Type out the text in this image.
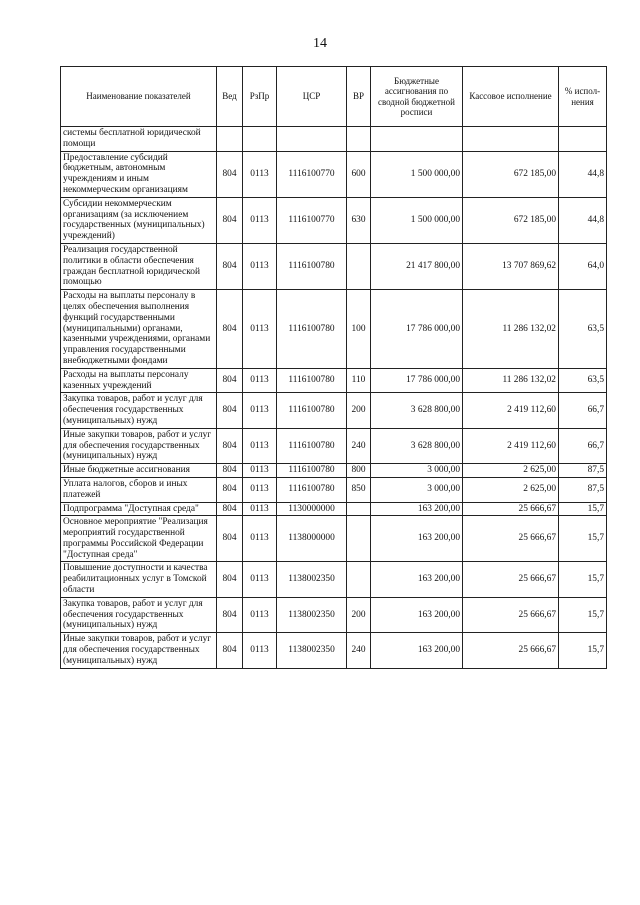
14
Наименование показателей	Вед	РзПр	ЦСР	ВР	Бюджетные ассигнования по сводной бюджетной росписи	Кассовое исполнение	% испол-нения
системы бесплатной юридической помощи							
Предоставление субсидий бюджетным, автономным учреждениям и иным некоммерческим организациям	804	0113	1116100770	600	1 500 000,00	672 185,00	44,8
Субсидии некоммерческим организациям (за исключением государственных (муниципальных) учреждений)	804	0113	1116100770	630	1 500 000,00	672 185,00	44,8
Реализация государственной политики в области обеспечения граждан бесплатной юридической помощью	804	0113	1116100780		21 417 800,00	13 707 869,62	64,0
Расходы на выплаты персоналу в целях обеспечения выполнения функций государственными (муниципальными) органами, казенными учреждениями, органами управления государственными внебюджетными фондами	804	0113	1116100780	100	17 786 000,00	11 286 132,02	63,5
Расходы на выплаты персоналу казенных учреждений	804	0113	1116100780	110	17 786 000,00	11 286 132,02	63,5
Закупка товаров, работ и услуг для обеспечения государственных (муниципальных) нужд	804	0113	1116100780	200	3 628 800,00	2 419 112,60	66,7
Иные закупки товаров, работ и услуг для обеспечения государственных (муниципальных) нужд	804	0113	1116100780	240	3 628 800,00	2 419 112,60	66,7
Иные бюджетные ассигнования	804	0113	1116100780	800	3 000,00	2 625,00	87,5
Уплата налогов, сборов и иных платежей	804	0113	1116100780	850	3 000,00	2 625,00	87,5
Подпрограмма "Доступная среда"	804	0113	1130000000		163 200,00	25 666,67	15,7
Основное мероприятие "Реализация мероприятий государственной программы Российской Федерации "Доступная среда"	804	0113	1138000000		163 200,00	25 666,67	15,7
Повышение доступности и качества реабилитационных услуг в Томской области	804	0113	1138002350		163 200,00	25 666,67	15,7
Закупка товаров, работ и услуг для обеспечения государственных (муниципальных) нужд	804	0113	1138002350	200	163 200,00	25 666,67	15,7
Иные закупки товаров, работ и услуг для обеспечения государственных (муниципальных) нужд	804	0113	1138002350	240	163 200,00	25 666,67	15,7
